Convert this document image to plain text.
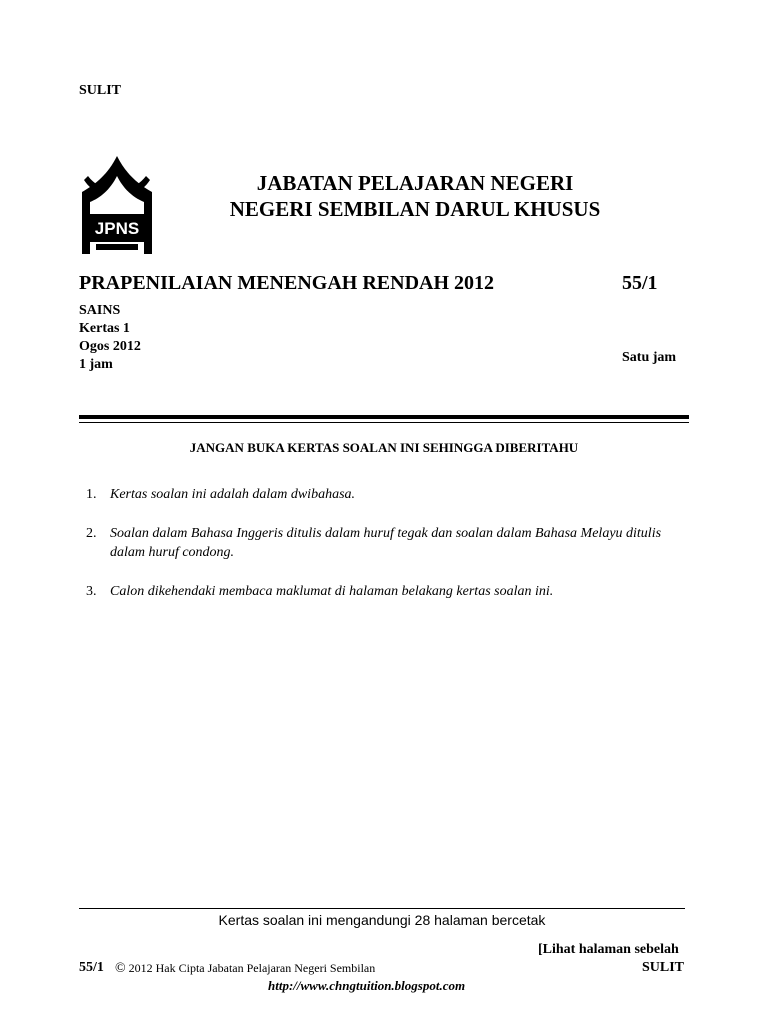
SULIT
JPNS
JABATAN PELAJARAN NEGERI
NEGERI SEMBILAN DARUL KHUSUS
PRAPENILAIAN MENENGAH RENDAH 2012	55/1
SAINS
Kertas 1
Ogos 2012
1 jam	Satu jam
JANGAN BUKA KERTAS SOALAN INI SEHINGGA DIBERITAHU
1. Kertas soalan ini adalah dalam dwibahasa.
2. Soalan dalam Bahasa Inggeris ditulis dalam huruf tegak dan soalan dalam Bahasa Melayu ditulis dalam huruf condong.
3. Calon dikehendaki membaca maklumat di halaman belakang kertas soalan ini.
Kertas soalan ini mengandungi 28 halaman bercetak
[Lihat halaman sebelah
55/1 © 2012 Hak Cipta Jabatan Pelajaran Negeri Sembilan	SULIT
http://www.chngtuition.blogspot.com
